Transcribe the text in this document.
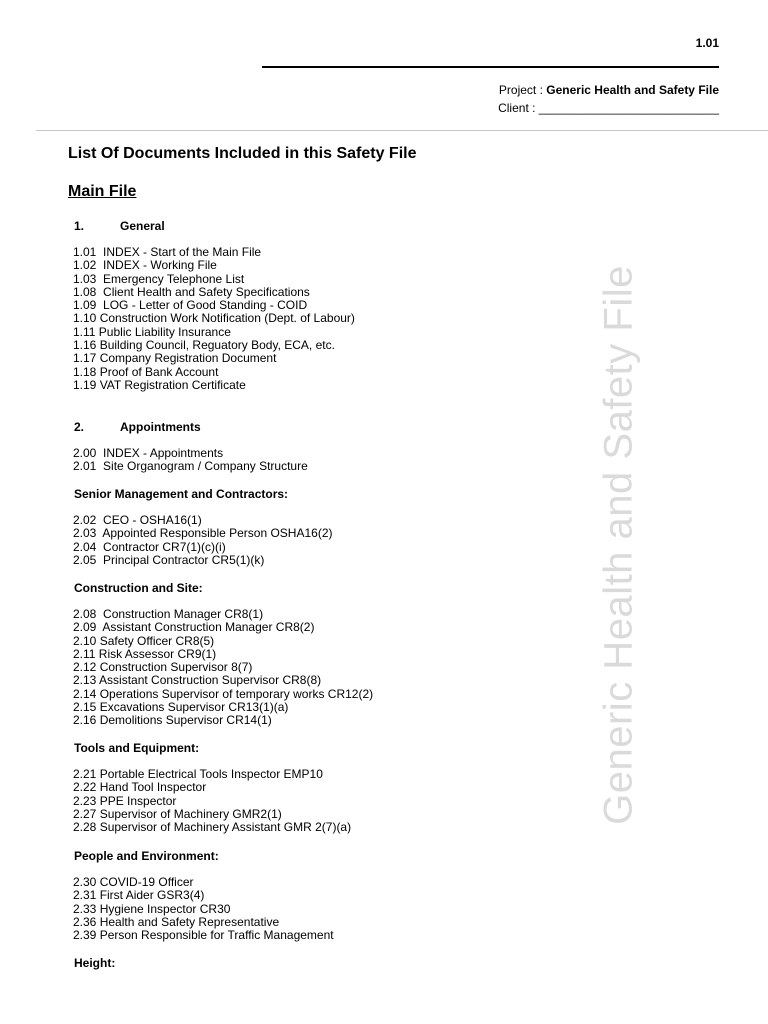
1.01
Project : Generic Health and Safety File
Client : ___________________________
List Of Documents Included in this Safety File
Main File
1.	General
1.01  INDEX - Start of the Main File
1.02  INDEX - Working File
1.03  Emergency Telephone List
1.08  Client Health and Safety Specifications
1.09  LOG - Letter of Good Standing - COID
1.10 Construction Work Notification (Dept. of Labour)
1.11 Public Liability Insurance
1.16 Building Council, Reguatory Body, ECA, etc.
1.17 Company Registration Document
1.18 Proof of Bank Account
1.19 VAT Registration Certificate
2.	Appointments
2.00  INDEX - Appointments
2.01  Site Organogram / Company Structure
Senior Management and Contractors:
2.02  CEO - OSHA16(1)
2.03  Appointed Responsible Person OSHA16(2)
2.04  Contractor CR7(1)(c)(i)
2.05  Principal Contractor CR5(1)(k)
Construction and Site:
2.08  Construction Manager CR8(1)
2.09  Assistant Construction Manager CR8(2)
2.10 Safety Officer CR8(5)
2.11 Risk Assessor CR9(1)
2.12 Construction Supervisor 8(7)
2.13 Assistant Construction Supervisor CR8(8)
2.14 Operations Supervisor of temporary works CR12(2)
2.15 Excavations Supervisor CR13(1)(a)
2.16 Demolitions Supervisor CR14(1)
Tools and Equipment:
2.21 Portable Electrical Tools Inspector EMP10
2.22 Hand Tool Inspector
2.23 PPE Inspector
2.27 Supervisor of Machinery GMR2(1)
2.28 Supervisor of Machinery Assistant GMR 2(7)(a)
People and Environment:
2.30 COVID-19 Officer
2.31 First Aider GSR3(4)
2.33 Hygiene Inspector CR30
2.36 Health and Safety Representative
2.39 Person Responsible for Traffic Management
Height:
Generic Health and Safety File
